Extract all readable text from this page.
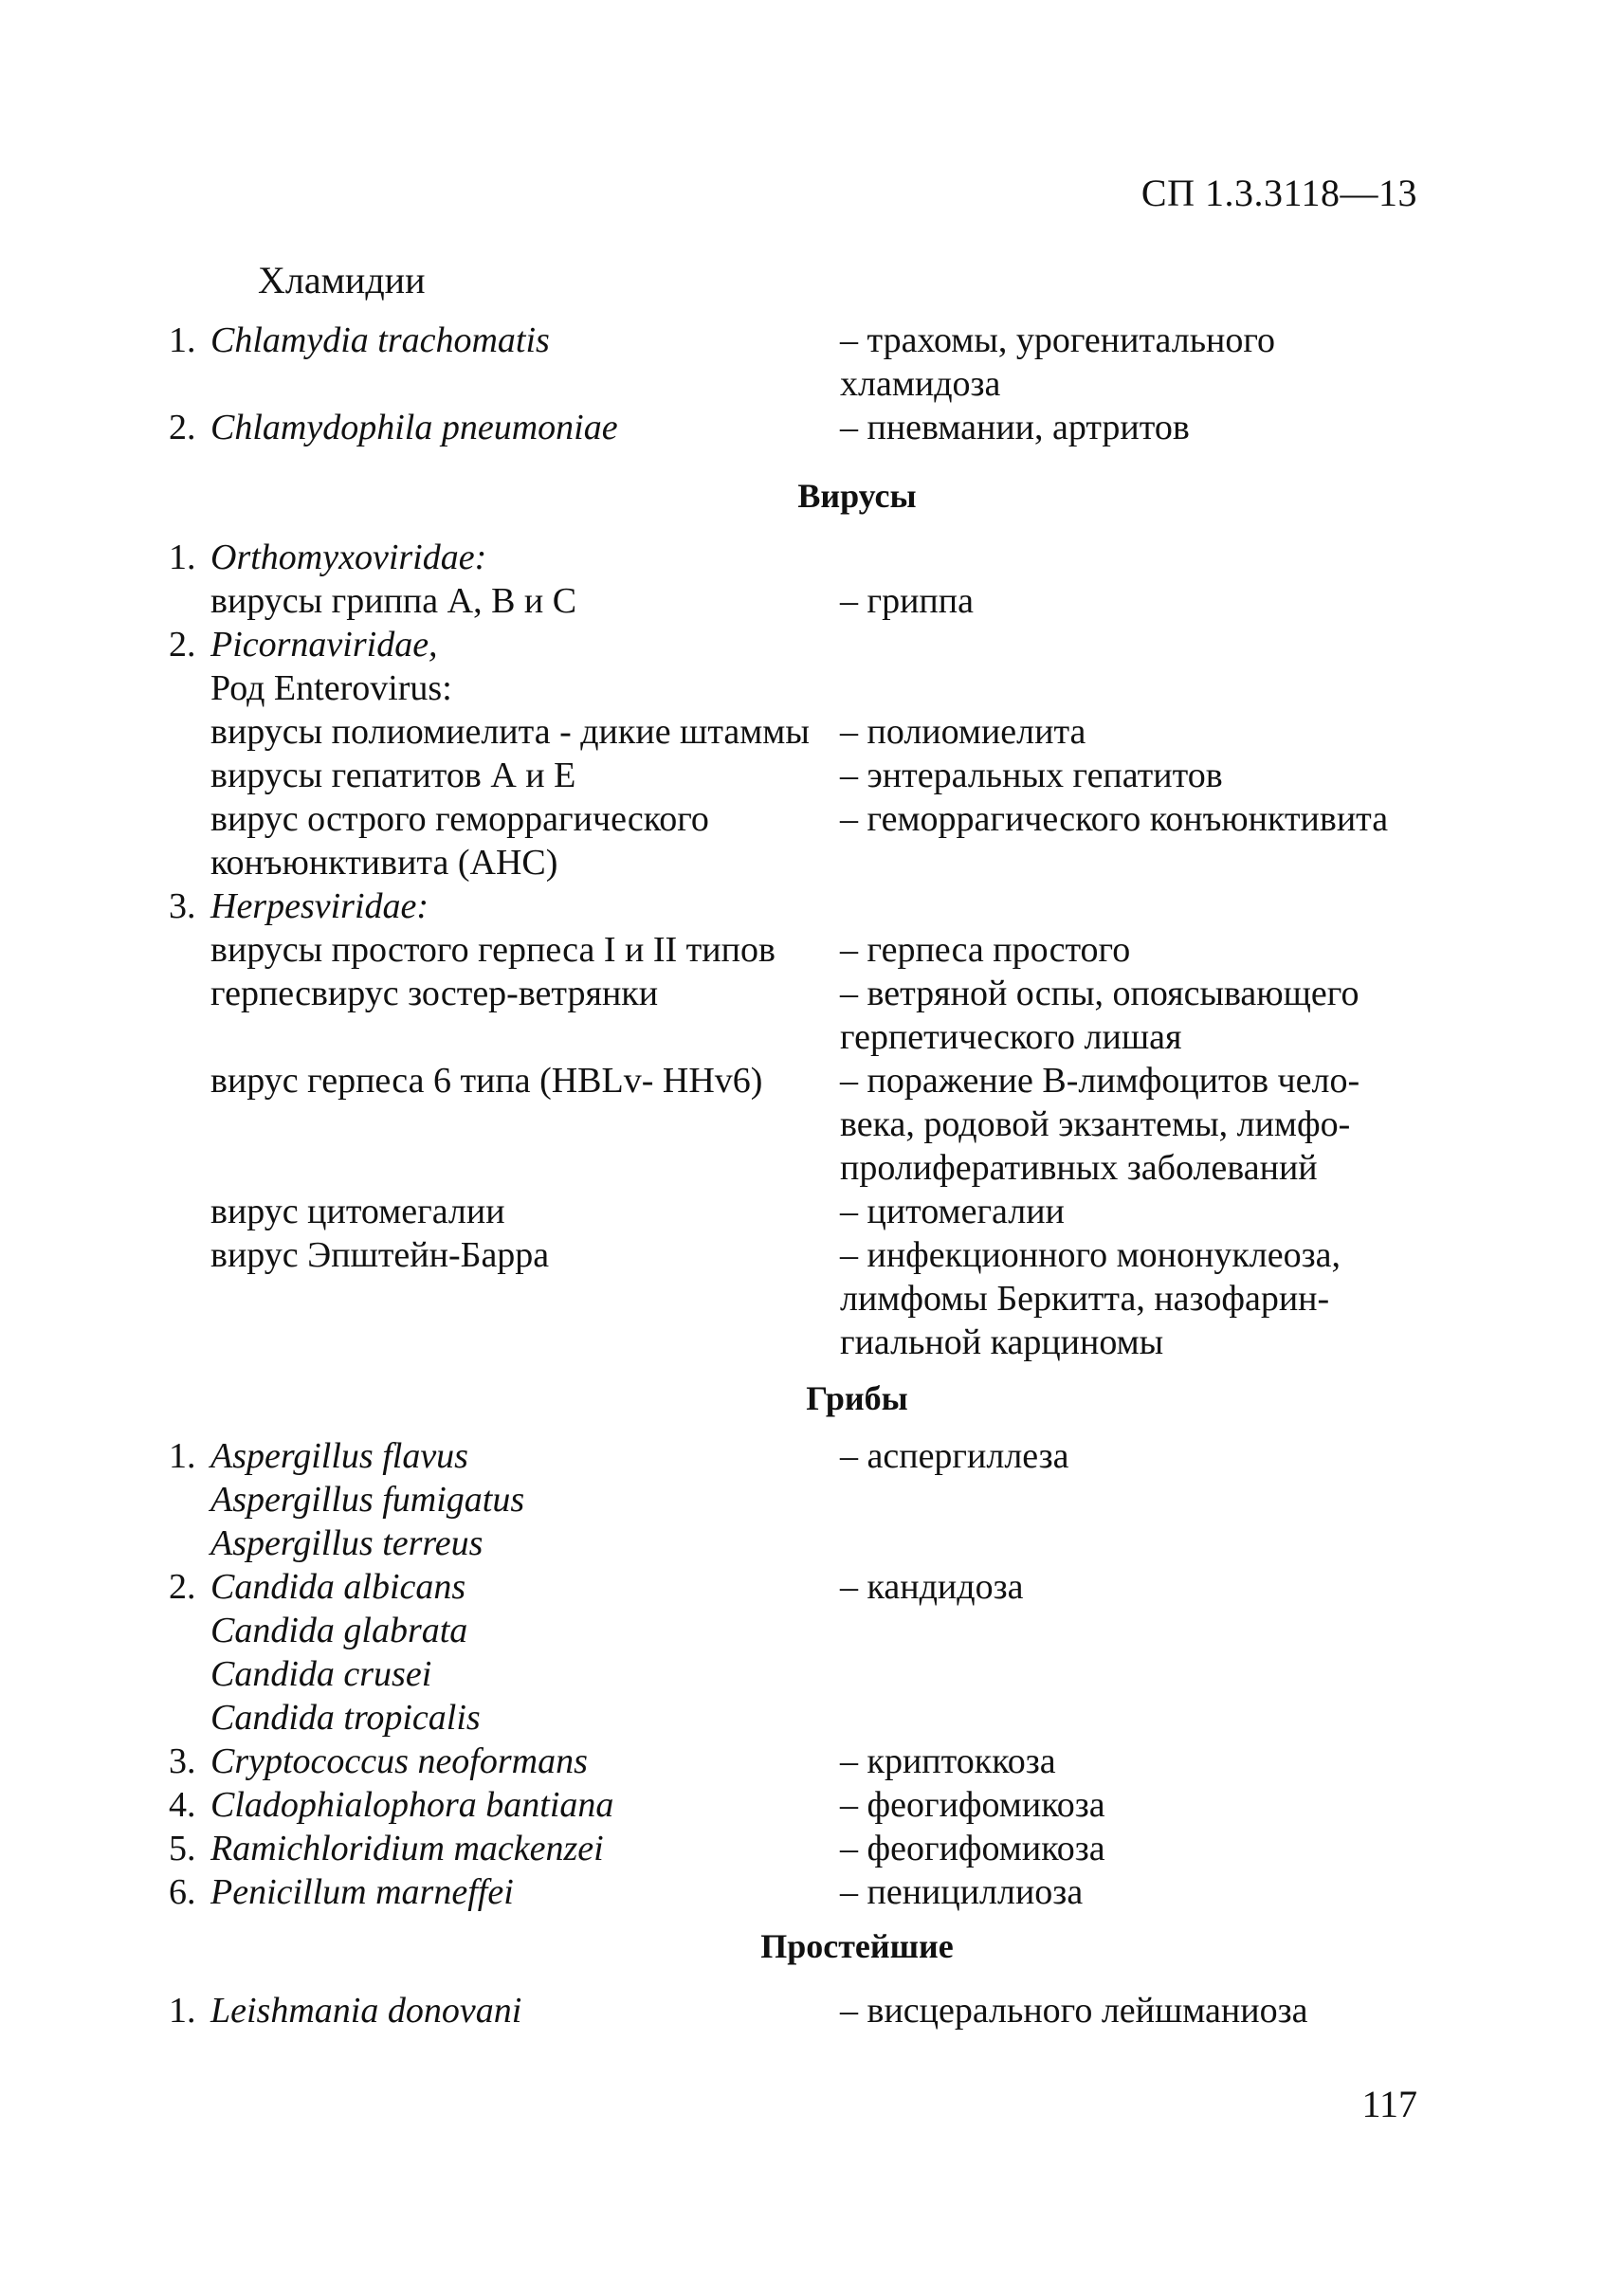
СП 1.3.3118—13
Хламидии
1. Chlamydia trachomatis	– трахомы, урогенитального
хламидоза
2. Chlamydophila pneumoniae	– пневмании, артритов
Вирусы
1. Orthomyxoviridae:
вирусы гриппа А, В и С	– гриппа
2. Picornaviridae,
Род Enterovirus:
вирусы полиомиелита - дикие штаммы – полиомиелита
вирусы гепатитов А и Е	– энтеральных гепатитов
вирус острого геморрагического	– геморрагического конъюнктивита
конъюнктивита (АНС)
3. Herpesviridae:
вирусы простого герпеса I и II типов – герпеса простого
герпесвирус зостер-ветрянки	– ветряной оспы, опоясывающего
герпетического лишая
вирус герпеса 6 типа (HBLv- HHv6) – поражение В-лимфоцитов чело-
века, родовой экзантемы, лимфо-
пролиферативных заболеваний
вирус цитомегалии	– цитомегалии
вирус Эпштейн-Барра	– инфекционного мононуклеоза,
лимфомы Беркитта, назофарин-
гиальной карциномы
Грибы
1. Aspergillus flavus	– аспергиллеза
Aspergillus fumigatus
Aspergillus terreus
2. Candida albicans	– кандидоза
Candida glabrata
Candida crusei
Candida tropicalis
3. Cryptococcus neoformans	– криптоккоза
4. Cladophialophora bantiana	– феогифомикоза
5. Ramichloridium mackenzei	– феогифомикоза
6. Penicillum marneffei	– пенициллиоза
Простейшие
1. Leishmania donovani	– висцерального лейшманиоза
117
